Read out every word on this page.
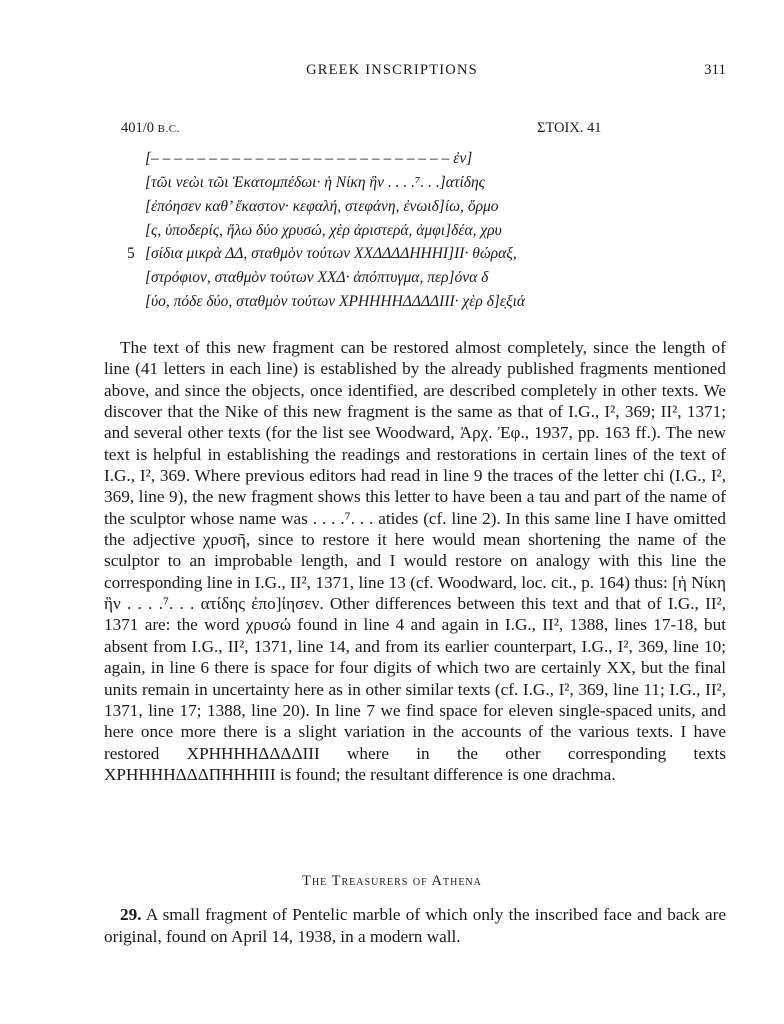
GREEK INSCRIPTIONS	311
401/0 B.C.	ΣΤΟΙΧ. 41
[– – – – – – – – – – – – – – – – – – – – – – – – – – ἐν]
[τῶι νεὼι τῶι Ἑκατομπέδωι· ἡ Νίκη ἣν . . . .⁷. . .]ατίδης
[ἐπόησεν καθ’ ἕκαστον· κεφαλή, στεφάνη, ἐνωιδ]ίω, ὅρμο
[ς, ὑποδερίς, ἥλω δύο χρυσώ, χὲρ ἀριστερά, ἀμφι]δέα, χρυ
5 [σίδια μικρὰ ΔΔ, σταθμὸν τούτων ΧΧΔΔΔΔΗΗΗΙ]ΙΙ· θώραξ,
[στρόφιον, σταθμὸν τούτων ΧΧΔ· ἀπόπτυγμα, περ]όνα δ
[ύο, πόδε δύο, σταθμὸν τούτων ΧΡΗΗΗΗΔΔΔΔΙΙΙ· χὲρ δ]ε̣ξιά

The text of this new fragment can be restored almost completely, since the length of line (41 letters in each line) is established by the already published fragments mentioned above, and since the objects, once identified, are described completely in other texts. We discover that the Nike of this new fragment is the same as that of I.G., I², 369; II², 1371; and several other texts (for the list see Woodward, Ἀρχ. Ἐφ., 1937, pp. 163 ff.). The new text is helpful in establishing the readings and restorations in certain lines of the text of I.G., I², 369. Where previous editors had read in line 9 the traces of the letter chi (I.G., I², 369, line 9), the new fragment shows this letter to have been a tau and part of the name of the sculptor whose name was . . . .⁷. . . atides (cf. line 2). In this same line I have omitted the adjective χρυσῆ, since to restore it here would mean shortening the name of the sculptor to an improbable length, and I would restore on analogy with this line the corresponding line in I.G., II², 1371, line 13 (cf. Woodward, loc. cit., p. 164) thus: [ἡ Νίκη ἣν . . . .⁷. . . ατίδης ἐπο]ίησεν. Other differences between this text and that of I.G., II², 1371 are: the word χρυσώ found in line 4 and again in I.G., II², 1388, lines 17-18, but absent from I.G., II², 1371, line 14, and from its earlier counterpart, I.G., I², 369, line 10; again, in line 6 there is space for four digits of which two are certainly ΧΧ, but the final units remain in uncertainty here as in other similar texts (cf. I.G., I², 369, line 11; I.G., II², 1371, line 17; 1388, line 20). In line 7 we find space for eleven single-spaced units, and here once more there is a slight variation in the accounts of the various texts. I have restored ΧΡΗΗΗΗΔΔΔΔΙΙΙ where in the other corresponding texts ΧΡΗΗΗΗΔΔΔΠΗΗΗΙΙΙ is found; the resultant difference is one drachma.

The Treasurers of Athena

29. A small fragment of Pentelic marble of which only the inscribed face and back are original, found on April 14, 1938, in a modern wall.
